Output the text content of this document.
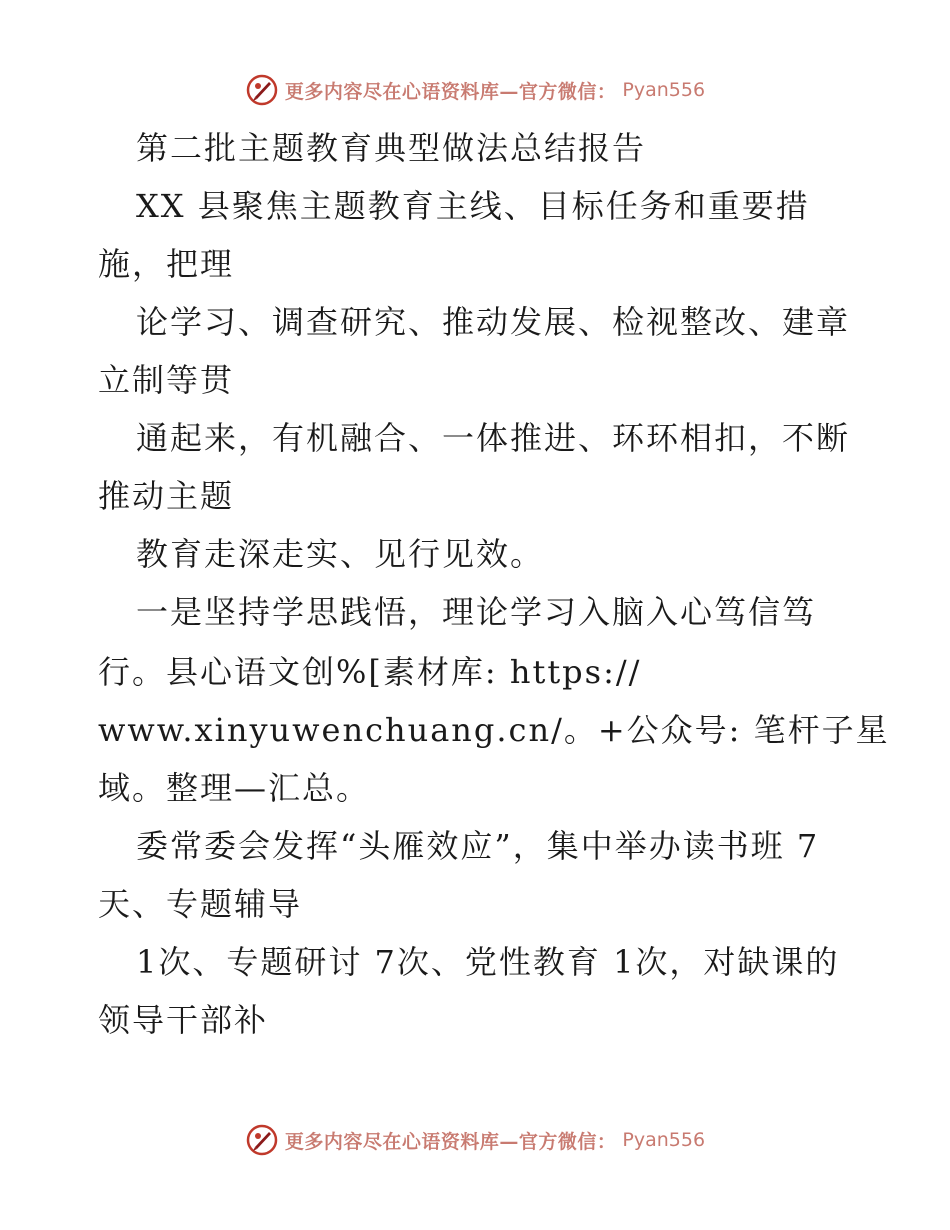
更多内容尽在心语资料库—官方微信： Pyan556
第二批主题教育典型做法总结报告
XX 县聚焦主题教育主线、目标任务和重要措
施，把理
论学习、调查研究、推动发展、检视整改、建章
立制等贯
通起来，有机融合、一体推进、环环相扣，不断
推动主题
教育走深走实、见行见效。
一是坚持学思践悟，理论学习入脑入心笃信笃
行。县心语文创%[素材库: https://
www.xinyuwenchuang.cn/。+公众号: 笔杆子星
域。整理—汇总。
委常委会发挥“头雁效应”，集中举办读书班 7
天、专题辅导
1次、专题研讨 7次、党性教育 1次，对缺课的
领导干部补
更多内容尽在心语资料库—官方微信： Pyan556
